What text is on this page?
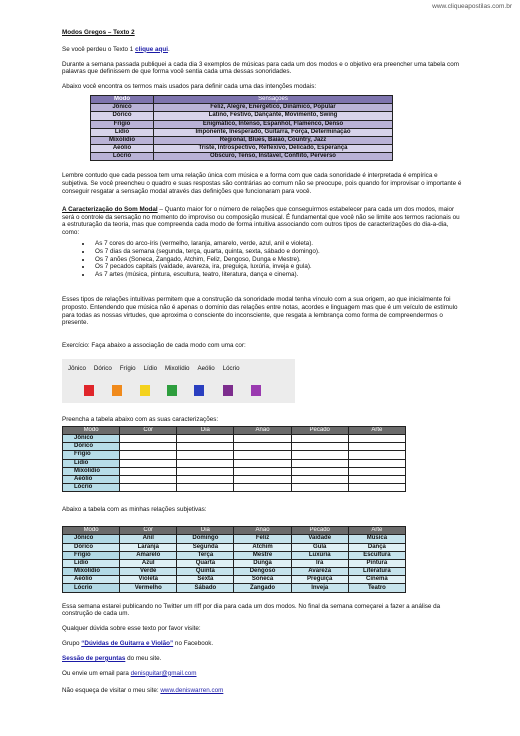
www.cliqueapostilas.com.br

Modos Gregos – Texto 2

Se você perdeu o Texto 1 clique aqui.

Durante a semana passada publiquei a cada dia 3 exemplos de músicas para cada um dos modos e o objetivo era preencher uma tabela com palavras que definissem de que forma você sentia cada uma dessas sonoridades.

Abaixo você encontra os termos mais usados para definir cada uma das intenções modais:

Modo	Sensações
Jônico	Feliz, Alegre, Energético, Dinâmico, Popular
Dórico	Latino, Festivo, Dançante, Movimento, Swing
Frígio	Enigmático, Intenso, Espanhol, Flamenco, Denso
Lídio	Imponente, Inesperado, Guitarra, Força, Determinação
Mixolídio	Regional, Blues, Baião, Country, Jazz
Aeólio	Triste, Introspectivo, Reflexivo, Delicado, Esperança
Lócrio	Obscuro, Tenso, Instável, Conflito, Perverso

Lembre contudo que cada pessoa tem uma relação única com música e a forma com que cada sonoridade é interpretada é empírica e subjetiva. Se você preencheu o quadro e suas respostas são contrárias ao comum não se preocupe, pois quando for improvisar o importante é conseguir resgatar a sensação modal através das definições que funcionaram para você.

A Caracterização do Som Modal – Quanto maior for o número de relações que conseguirmos estabelecer para cada um dos modos, maior será o controle da sensação no momento do improviso ou composição musical. É fundamental que você não se limite aos termos racionais ou a estruturação da teoria, mas que compreenda cada modo de forma intuitiva associando com outros tipos de caracterizações do dia-a-dia, como:

• As 7 cores do arco-íris (vermelho, laranja, amarelo, verde, azul, anil e violeta).
• Os 7 dias da semana (segunda, terça, quarta, quinta, sexta, sábado e domingo).
• Os 7 anões (Soneca, Zangado, Atchim, Feliz, Dengoso, Dunga e Mestre).
• Os 7 pecados capitais (vaidade, avareza, ira, preguiça, luxúria, inveja e gula).
• As 7 artes (música, pintura, escultura, teatro, literatura, dança e cinema).

Esses tipos de relações intuitivas permitem que a construção da sonoridade modal tenha vínculo com a sua origem, ao que inicialmente foi proposto. Entendendo que música não é apenas o domínio das relações entre notas, acordes e linguagem mas que é um veículo de estímulo para todas as nossas virtudes, que aproxima o consciente do inconsciente, que resgata a lembrança como forma de compreendermos o presente.

Exercício: Faça abaixo a associação de cada modo com uma cor:

Jônico Dórico Frígio Lídio Mixolídio Aeólio Lócrio

Preencha a tabela abaixo com as suas caracterizações:

Modo	Cor	Dia	Anão	Pecado	Arte
Jônico					
Dórico					
Frígio					
Lídio					
Mixolídio					
Aeólio					
Lócrio					

Abaixo a tabela com as minhas relações subjetivas:

Modo	Cor	Dia	Anão	Pecado	Arte
Jônico	Anil	Domingo	Feliz	Vaidade	Música
Dórico	Laranja	Segunda	Atchim	Gula	Dança
Frígio	Amarelo	Terça	Mestre	Luxúria	Escultura
Lídio	Azul	Quarta	Dunga	Ira	Pintura
Mixolídio	Verde	Quinta	Dengoso	Avareza	Literatura
Aeólio	Violeta	Sexta	Soneca	Preguiça	Cinema
Lócrio	Vermelho	Sábado	Zangado	Inveja	Teatro

Essa semana estarei publicando no Twitter um riff por dia para cada um dos modos. No final da semana começarei a fazer a análise da construção de cada um.

Qualquer dúvida sobre esse texto por favor visite:

Grupo “Dúvidas de Guitarra e Violão” no Facebook.

Sessão de perguntas do meu site.

Ou envie um email para denisguitar@gmail.com

Não esqueça de visitar o meu site: www.deniswarren.com
